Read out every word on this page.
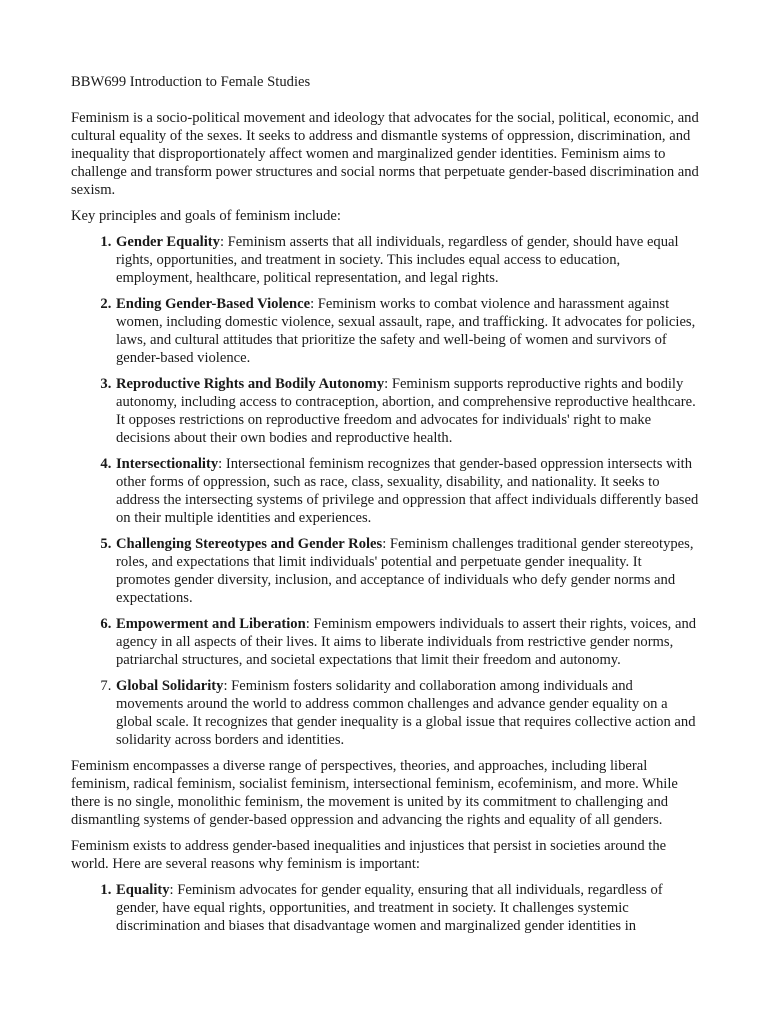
BBW699 Introduction to Female Studies

Feminism is a socio-political movement and ideology that advocates for the social, political, economic, and cultural equality of the sexes. It seeks to address and dismantle systems of oppression, discrimination, and inequality that disproportionately affect women and marginalized gender identities. Feminism aims to challenge and transform power structures and social norms that perpetuate gender-based discrimination and sexism.

Key principles and goals of feminism include:

1. Gender Equality: Feminism asserts that all individuals, regardless of gender, should have equal rights, opportunities, and treatment in society. This includes equal access to education, employment, healthcare, political representation, and legal rights.
2. Ending Gender-Based Violence: Feminism works to combat violence and harassment against women, including domestic violence, sexual assault, rape, and trafficking. It advocates for policies, laws, and cultural attitudes that prioritize the safety and well-being of women and survivors of gender-based violence.
3. Reproductive Rights and Bodily Autonomy: Feminism supports reproductive rights and bodily autonomy, including access to contraception, abortion, and comprehensive reproductive healthcare. It opposes restrictions on reproductive freedom and advocates for individuals' right to make decisions about their own bodies and reproductive health.
4. Intersectionality: Intersectional feminism recognizes that gender-based oppression intersects with other forms of oppression, such as race, class, sexuality, disability, and nationality. It seeks to address the intersecting systems of privilege and oppression that affect individuals differently based on their multiple identities and experiences.
5. Challenging Stereotypes and Gender Roles: Feminism challenges traditional gender stereotypes, roles, and expectations that limit individuals' potential and perpetuate gender inequality. It promotes gender diversity, inclusion, and acceptance of individuals who defy gender norms and expectations.
6. Empowerment and Liberation: Feminism empowers individuals to assert their rights, voices, and agency in all aspects of their lives. It aims to liberate individuals from restrictive gender norms, patriarchal structures, and societal expectations that limit their freedom and autonomy.
7. Global Solidarity: Feminism fosters solidarity and collaboration among individuals and movements around the world to address common challenges and advance gender equality on a global scale. It recognizes that gender inequality is a global issue that requires collective action and solidarity across borders and identities.

Feminism encompasses a diverse range of perspectives, theories, and approaches, including liberal feminism, radical feminism, socialist feminism, intersectional feminism, ecofeminism, and more. While there is no single, monolithic feminism, the movement is united by its commitment to challenging and dismantling systems of gender-based oppression and advancing the rights and equality of all genders.

Feminism exists to address gender-based inequalities and injustices that persist in societies around the world. Here are several reasons why feminism is important:

1. Equality: Feminism advocates for gender equality, ensuring that all individuals, regardless of gender, have equal rights, opportunities, and treatment in society. It challenges systemic discrimination and biases that disadvantage women and marginalized gender identities in
